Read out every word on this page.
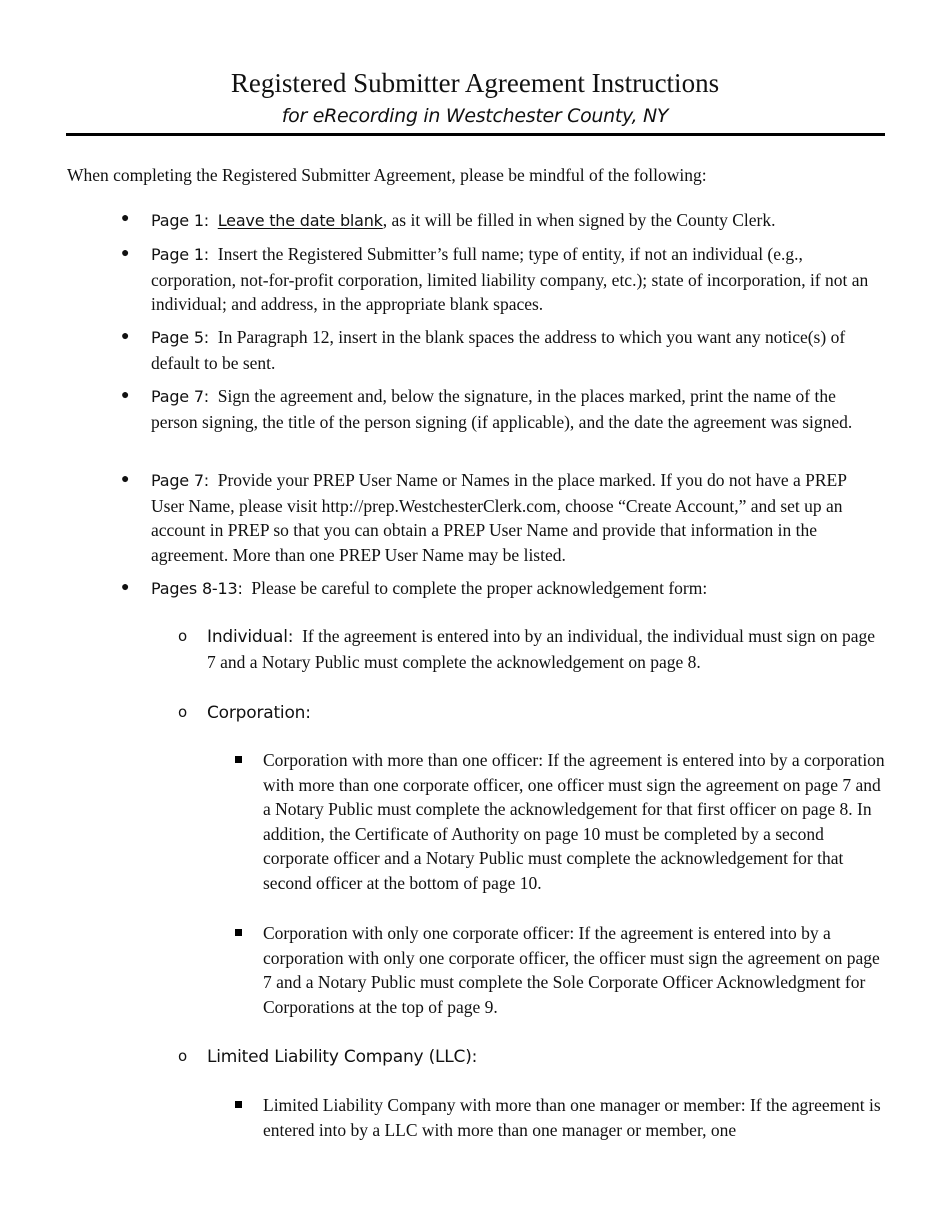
Registered Submitter Agreement Instructions
for eRecording in Westchester County, NY
When completing the Registered Submitter Agreement, please be mindful of the following:
● Page 1: Leave the date blank, as it will be filled in when signed by the County Clerk.
● Page 1: Insert the Registered Submitter’s full name; type of entity, if not an individual (e.g., corporation, not-for-profit corporation, limited liability company, etc.); state of incorporation, if not an individual; and address, in the appropriate blank spaces.
● Page 5: In Paragraph 12, insert in the blank spaces the address to which you want any notice(s) of default to be sent.
● Page 7: Sign the agreement and, below the signature, in the places marked, print the name of the person signing, the title of the person signing (if applicable), and the date the agreement was signed.
● Page 7: Provide your PREP User Name or Names in the place marked. If you do not have a PREP User Name, please visit http://prep.WestchesterClerk.com, choose “Create Account,” and set up an account in PREP so that you can obtain a PREP User Name and provide that information in the agreement. More than one PREP User Name may be listed.
● Pages 8-13: Please be careful to complete the proper acknowledgement form:
o Individual: If the agreement is entered into by an individual, the individual must sign on page 7 and a Notary Public must complete the acknowledgement on page 8.
o Corporation:
Corporation with more than one officer: If the agreement is entered into by a corporation with more than one corporate officer, one officer must sign the agreement on page 7 and a Notary Public must complete the acknowledgement for that first officer on page 8. In addition, the Certificate of Authority on page 10 must be completed by a second corporate officer and a Notary Public must complete the acknowledgement for that second officer at the bottom of page 10.
Corporation with only one corporate officer: If the agreement is entered into by a corporation with only one corporate officer, the officer must sign the agreement on page 7 and a Notary Public must complete the Sole Corporate Officer Acknowledgment for Corporations at the top of page 9.
o Limited Liability Company (LLC):
Limited Liability Company with more than one manager or member: If the agreement is entered into by a LLC with more than one manager or member, one
